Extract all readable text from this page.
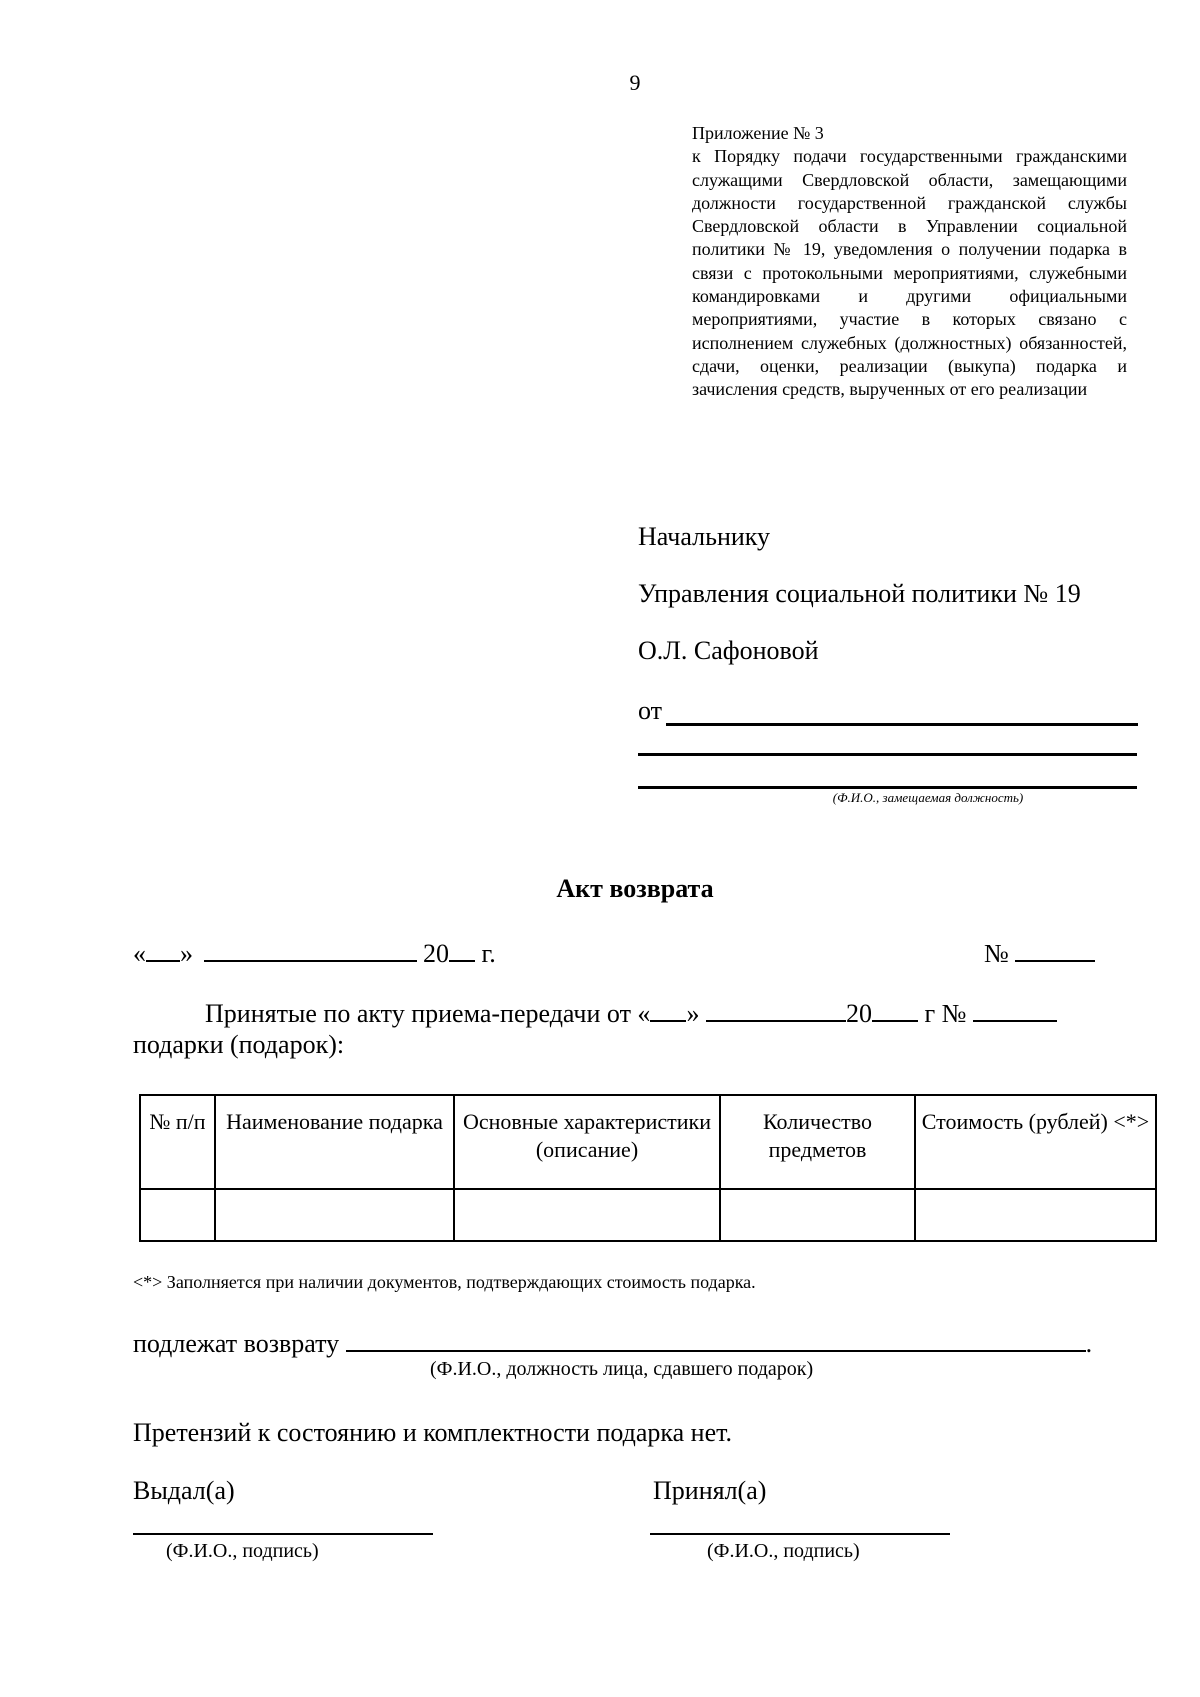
9
Приложение № 3
к Порядку подачи государственными гражданскими служащими Свердловской области, замещающими должности государственной гражданской службы Свердловской области в Управлении социальной политики № 19, уведомления о получении подарка в связи с протокольными мероприятиями, служебными командировками и другими официальными мероприятиями, участие в которых связано с исполнением служебных (должностных) обязанностей, сдачи, оценки, реализации (выкупа) подарка и зачисления средств, вырученных от его реализации
Начальнику
Управления социальной политики № 19
О.Л. Сафоновой
от
(Ф.И.О., замещаемая должность)
Акт возврата
« »	20 г.	№
Принятые по акту приема-передачи от « »	20 г №
подарки (подарок):
№ п/п	Наименование подарка	Основные характеристики (описание)	Количество предметов	Стоимость (рублей) <*>

<*> Заполняется при наличии документов, подтверждающих стоимость подарка.
подлежат возврату	.
(Ф.И.О., должность лица, сдавшего подарок)
Претензий к состоянию и комплектности подарка нет.
Выдал(а)	Принял(а)
(Ф.И.О., подпись)	(Ф.И.О., подпись)
